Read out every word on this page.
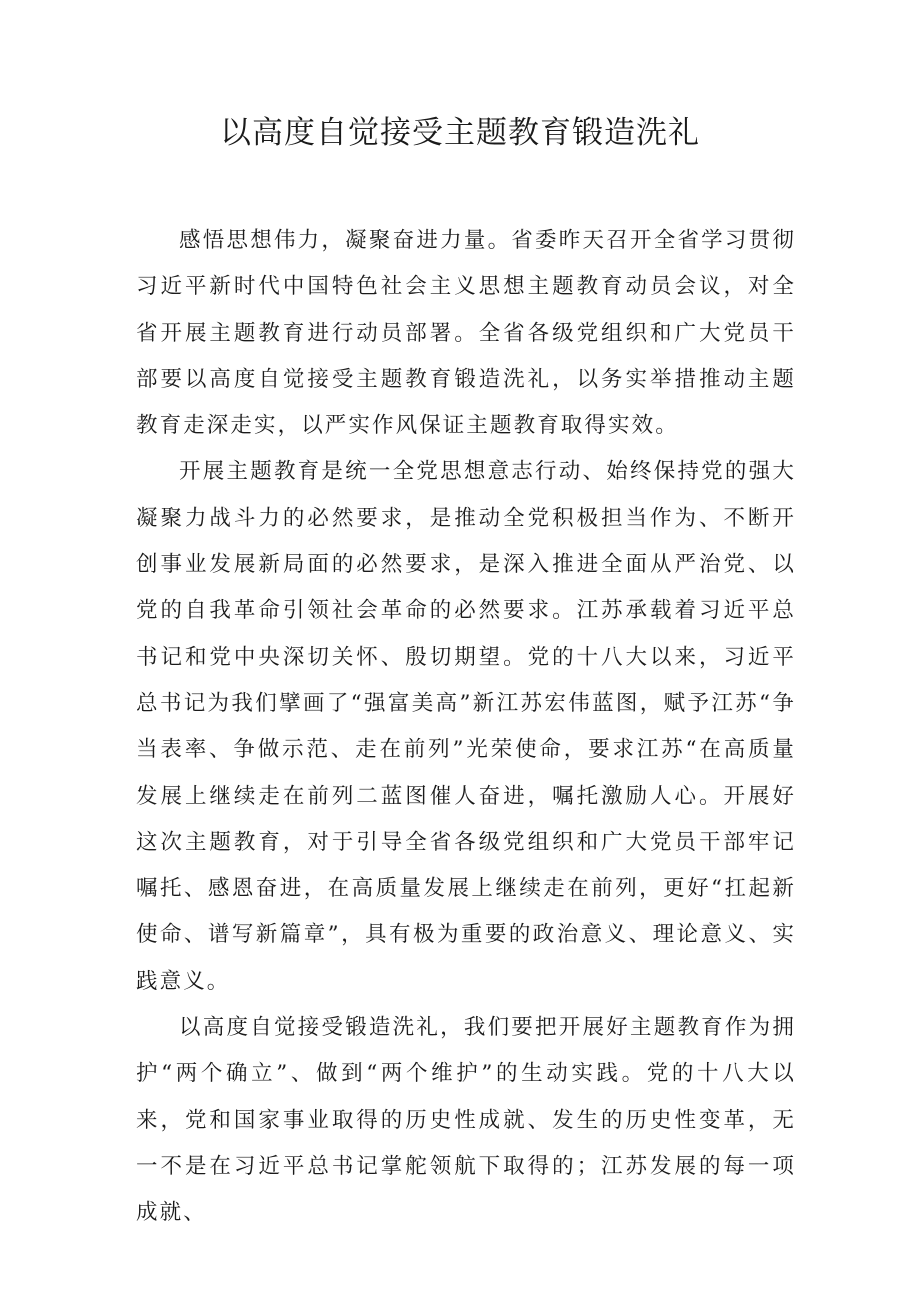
以高度自觉接受主题教育锻造洗礼

感悟思想伟力，凝聚奋进力量。省委昨天召开全省学习贯彻习近平新时代中国特色社会主义思想主题教育动员会议，对全省开展主题教育进行动员部署。全省各级党组织和广大党员干部要以高度自觉接受主题教育锻造洗礼，以务实举措推动主题教育走深走实，以严实作风保证主题教育取得实效。

开展主题教育是统一全党思想意志行动、始终保持党的强大凝聚力战斗力的必然要求，是推动全党积极担当作为、不断开创事业发展新局面的必然要求，是深入推进全面从严治党、以党的自我革命引领社会革命的必然要求。江苏承载着习近平总书记和党中央深切关怀、殷切期望。党的十八大以来，习近平总书记为我们擘画了“强富美高”新江苏宏伟蓝图，赋予江苏“争当表率、争做示范、走在前列”光荣使命，要求江苏“在高质量发展上继续走在前列二蓝图催人奋进，嘱托激励人心。开展好这次主题教育，对于引导全省各级党组织和广大党员干部牢记嘱托、感恩奋进，在高质量发展上继续走在前列，更好“扛起新使命、谱写新篇章”，具有极为重要的政治意义、理论意义、实践意义。

以高度自觉接受锻造洗礼，我们要把开展好主题教育作为拥护“两个确立”、做到“两个维护”的生动实践。党的十八大以来，党和国家事业取得的历史性成就、发生的历史性变革，无一不是在习近平总书记掌舵领航下取得的；江苏发展的每一项成就、
